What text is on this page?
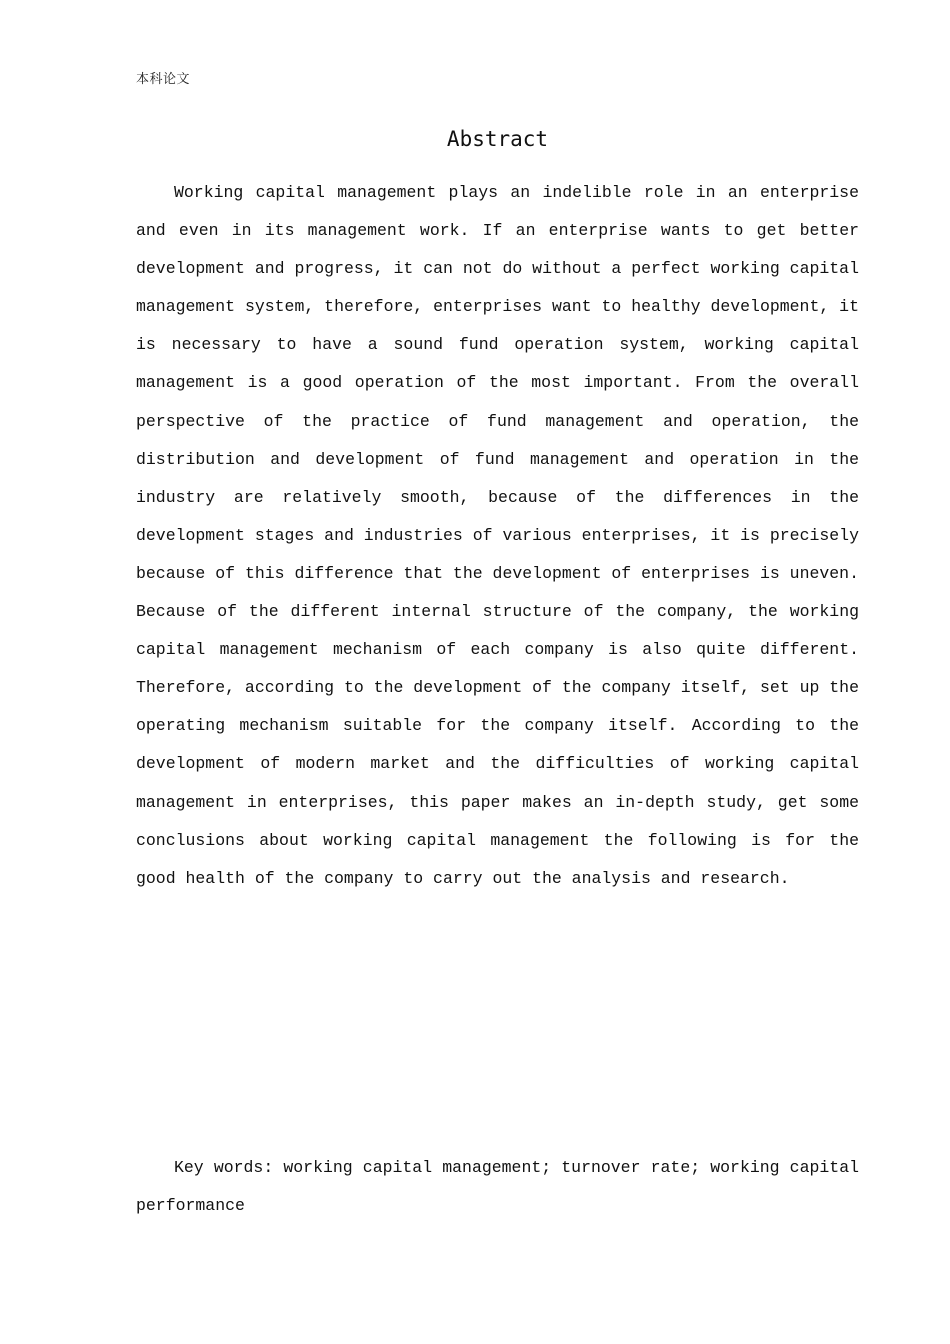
本科论文
Abstract

Working capital management plays an indelible role in an enterprise and even in its management work. If an enterprise wants to get better development and progress, it can not do without a perfect working capital management system, therefore, enterprises want to healthy development, it is necessary to have a sound fund operation system, working capital management is a good operation of the most important. From the overall perspective of the practice of fund management and operation, the distribution and development of fund management and operation in the industry are relatively smooth, because of the differences in the development stages and industries of various enterprises, it is precisely because of this difference that the development of enterprises is uneven. Because of the different internal structure of the company, the working capital management mechanism of each company is also quite different. Therefore, according to the development of the company itself, set up the operating mechanism suitable for the company itself. According to the development of modern market and the difficulties of working capital management in enterprises, this paper makes an in-depth study, get some conclusions about working capital management the following is for the good health of the company to carry out the analysis and research.

Key words: working capital management; turnover rate; working capital performance
